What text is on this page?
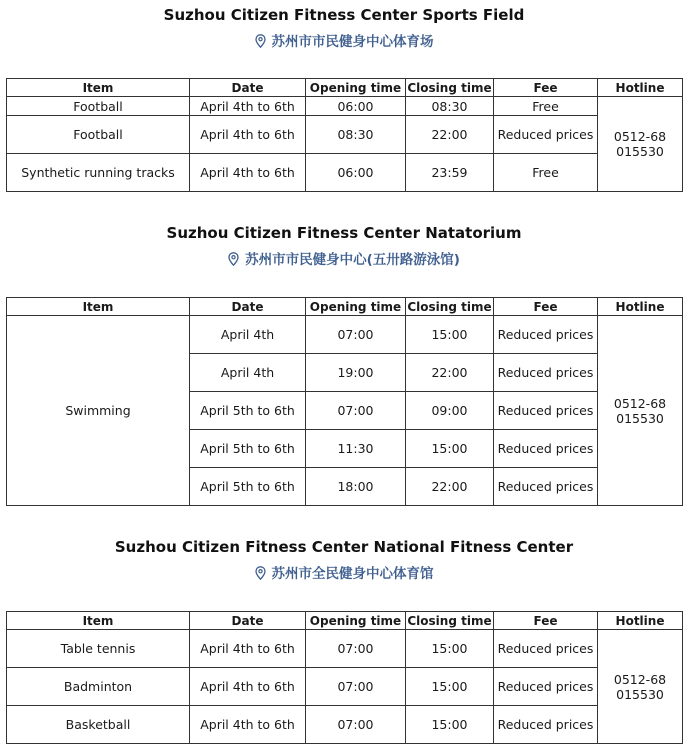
Suzhou Citizen Fitness Center Sports Field
苏州市市民健身中心体育场
Item	Date	Opening time	Closing time	Fee	Hotline
Football	April 4th to 6th	06:00	08:30	Free	0512-68015530
Football	April 4th to 6th	08:30	22:00	Reduced prices	
Synthetic running tracks	April 4th to 6th	06:00	23:59	Free	
Suzhou Citizen Fitness Center Natatorium
苏州市市民健身中心(五卅路游泳馆)
Item	Date	Opening time	Closing time	Fee	Hotline
Swimming	April 4th	07:00	15:00	Reduced prices	0512-68015530
	April 4th	19:00	22:00	Reduced prices	
	April 5th to 6th	07:00	09:00	Reduced prices	
	April 5th to 6th	11:30	15:00	Reduced prices	
	April 5th to 6th	18:00	22:00	Reduced prices	
Suzhou Citizen Fitness Center National Fitness Center
苏州市全民健身中心体育馆
Item	Date	Opening time	Closing time	Fee	Hotline
Table tennis	April 4th to 6th	07:00	15:00	Reduced prices	0512-68015530
Badminton	April 4th to 6th	07:00	15:00	Reduced prices	
Basketball	April 4th to 6th	07:00	15:00	Reduced prices	
